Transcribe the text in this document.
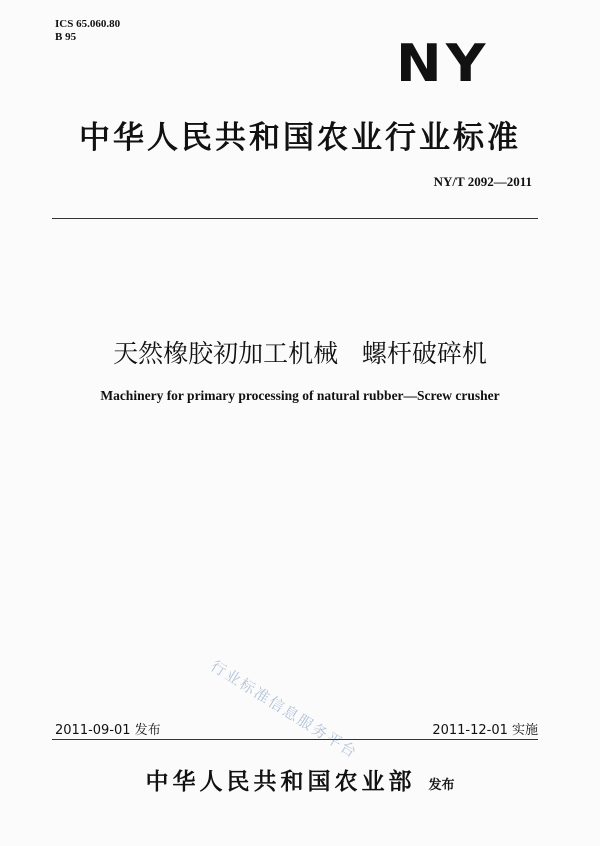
ICS 65.060.80
B 95	NY
中华人民共和国农业行业标准
NY/T 2092—2011
天然橡胶初加工机械   螺杆破碎机
Machinery for primary processing of natural rubber—Screw crusher
行业标准信息服务平台
2011-09-01 发布	2011-12-01 实施
中华人民共和国农业部 发布
